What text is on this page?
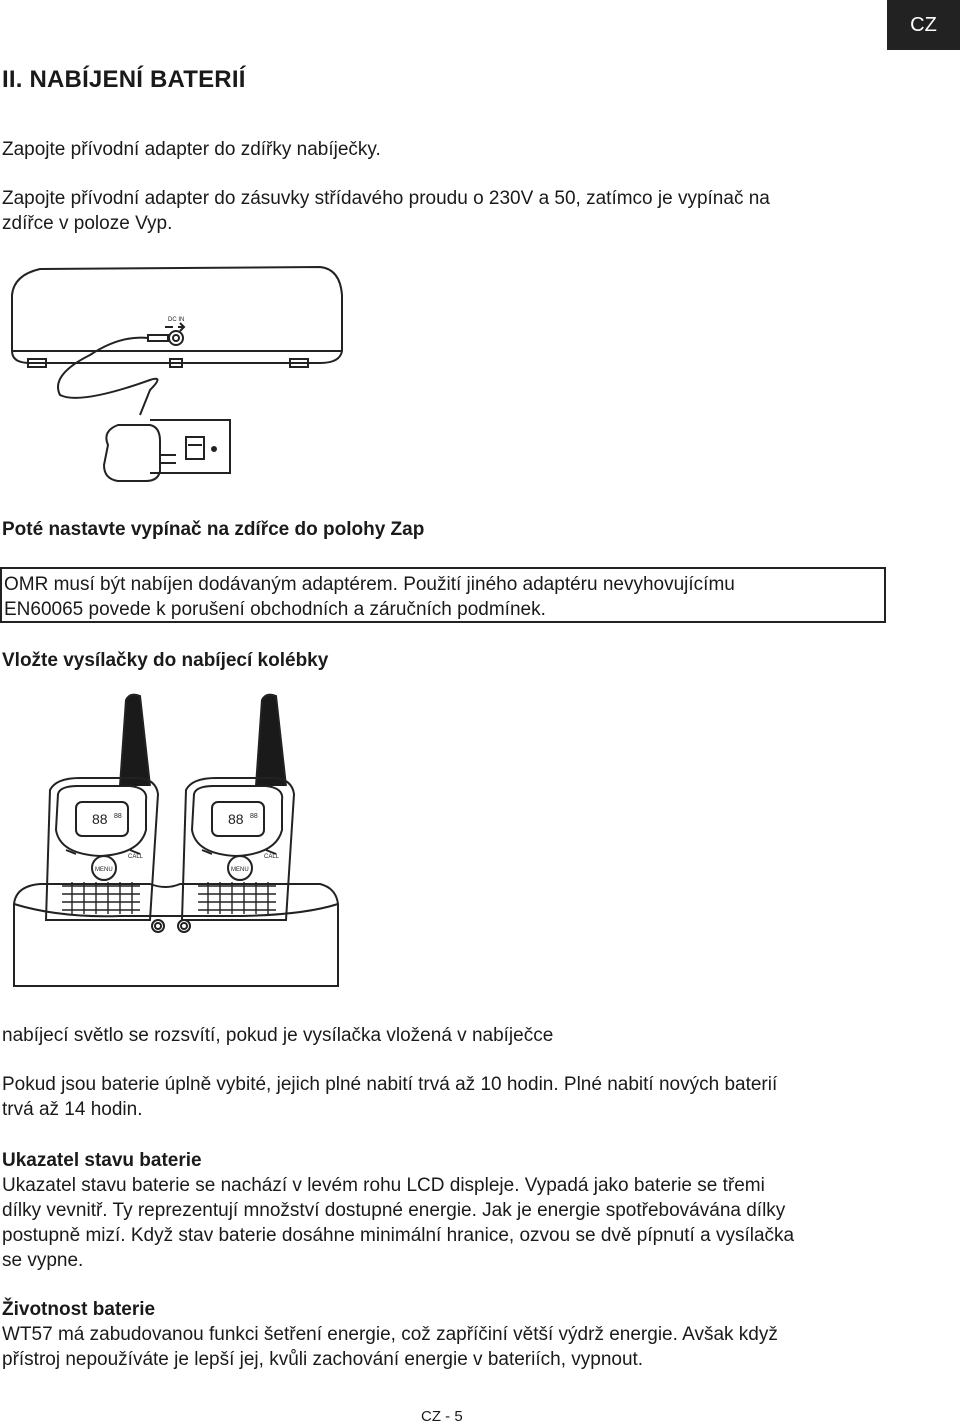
CZ
II. NABÍJENÍ BATERIÍ
Zapojte přívodní adapter do zdířky nabíječky.
Zapojte přívodní adapter do zásuvky střídavého proudu o 230V a 50, zatímco je vypínač na
zdířce v poloze Vyp.
DC IN
Poté nastavte vypínač na zdířce do polohy Zap
OMR musí být nabíjen dodávaným adaptérem. Použití jiného adaptéru nevyhovujícímu
EN60065 povede k porušení obchodních a záručních podmínek.
Vložte vysílačky do nabíjecí kolébky
88 88
MENU
CALL
88 88
MENU
CALL
nabíjecí světlo se rozsvítí, pokud je vysílačka vložená v nabíječce
Pokud jsou baterie úplně vybité, jejich plné nabití trvá až 10 hodin. Plné nabití nových baterií
trvá až 14 hodin.
Ukazatel stavu baterie
Ukazatel stavu baterie se nachází v levém rohu LCD displeje. Vypadá jako baterie se třemi
dílky vevnitř. Ty reprezentují množství dostupné energie. Jak je energie spotřebovávána dílky
postupně mizí. Když stav baterie dosáhne minimální hranice, ozvou se dvě pípnutí a vysílačka
se vypne.
Životnost baterie
WT57 má zabudovanou funkci šetření energie, což zapříčiní větší výdrž energie. Avšak když
přístroj nepoužíváte je lepší jej, kvůli zachování energie v bateriích, vypnout.
CZ - 5
